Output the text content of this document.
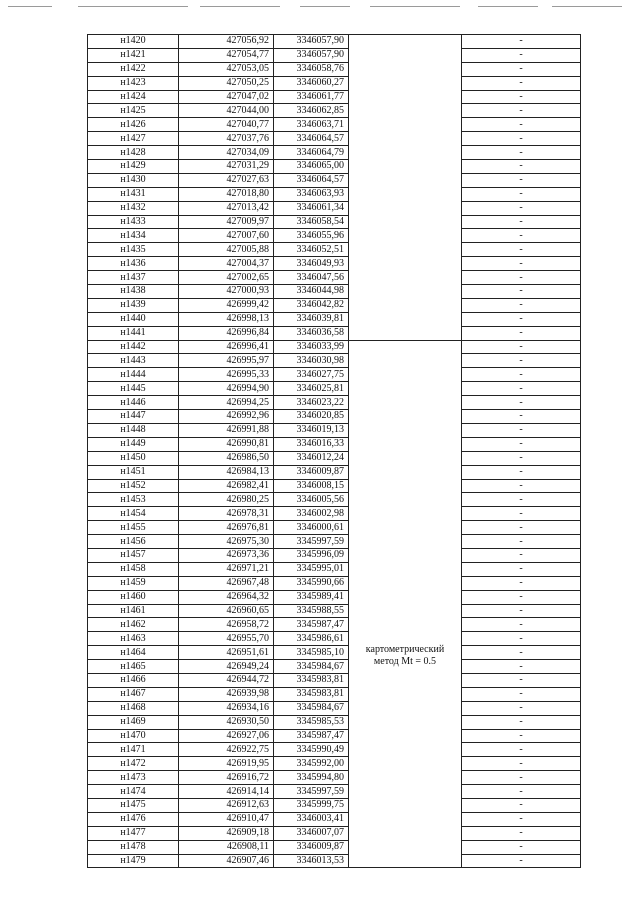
н1420	427056,92	3346057,90		-
н1421	427054,77	3346057,90		-
н1422	427053,05	3346058,76		-
н1423	427050,25	3346060,27		-
н1424	427047,02	3346061,77		-
н1425	427044,00	3346062,85		-
н1426	427040,77	3346063,71		-
н1427	427037,76	3346064,57		-
н1428	427034,09	3346064,79		-
н1429	427031,29	3346065,00		-
н1430	427027,63	3346064,57		-
н1431	427018,80	3346063,93		-
н1432	427013,42	3346061,34		-
н1433	427009,97	3346058,54		-
н1434	427007,60	3346055,96		-
н1435	427005,88	3346052,51		-
н1436	427004,37	3346049,93		-
н1437	427002,65	3346047,56		-
н1438	427000,93	3346044,98		-
н1439	426999,42	3346042,82		-
н1440	426998,13	3346039,81		-
н1441	426996,84	3346036,58		-
н1442	426996,41	3346033,99	картометрический
метод Mt = 0.5	-
н1443	426995,97	3346030,98		-
н1444	426995,33	3346027,75		-
н1445	426994,90	3346025,81		-
н1446	426994,25	3346023,22		-
н1447	426992,96	3346020,85		-
н1448	426991,88	3346019,13		-
н1449	426990,81	3346016,33		-
н1450	426986,50	3346012,24		-
н1451	426984,13	3346009,87		-
н1452	426982,41	3346008,15		-
н1453	426980,25	3346005,56		-
н1454	426978,31	3346002,98		-
н1455	426976,81	3346000,61		-
н1456	426975,30	3345997,59		-
н1457	426973,36	3345996,09		-
н1458	426971,21	3345995,01		-
н1459	426967,48	3345990,66		-
н1460	426964,32	3345989,41		-
н1461	426960,65	3345988,55		-
н1462	426958,72	3345987,47		-
н1463	426955,70	3345986,61		-
н1464	426951,61	3345985,10		-
н1465	426949,24	3345984,67		-
н1466	426944,72	3345983,81		-
н1467	426939,98	3345983,81		-
н1468	426934,16	3345984,67		-
н1469	426930,50	3345985,53		-
н1470	426927,06	3345987,47		-
н1471	426922,75	3345990,49		-
н1472	426919,95	3345992,00		-
н1473	426916,72	3345994,80		-
н1474	426914,14	3345997,59		-
н1475	426912,63	3345999,75		-
н1476	426910,47	3346003,41		-
н1477	426909,18	3346007,07		-
н1478	426908,11	3346009,87		-
н1479	426907,46	3346013,53		-
